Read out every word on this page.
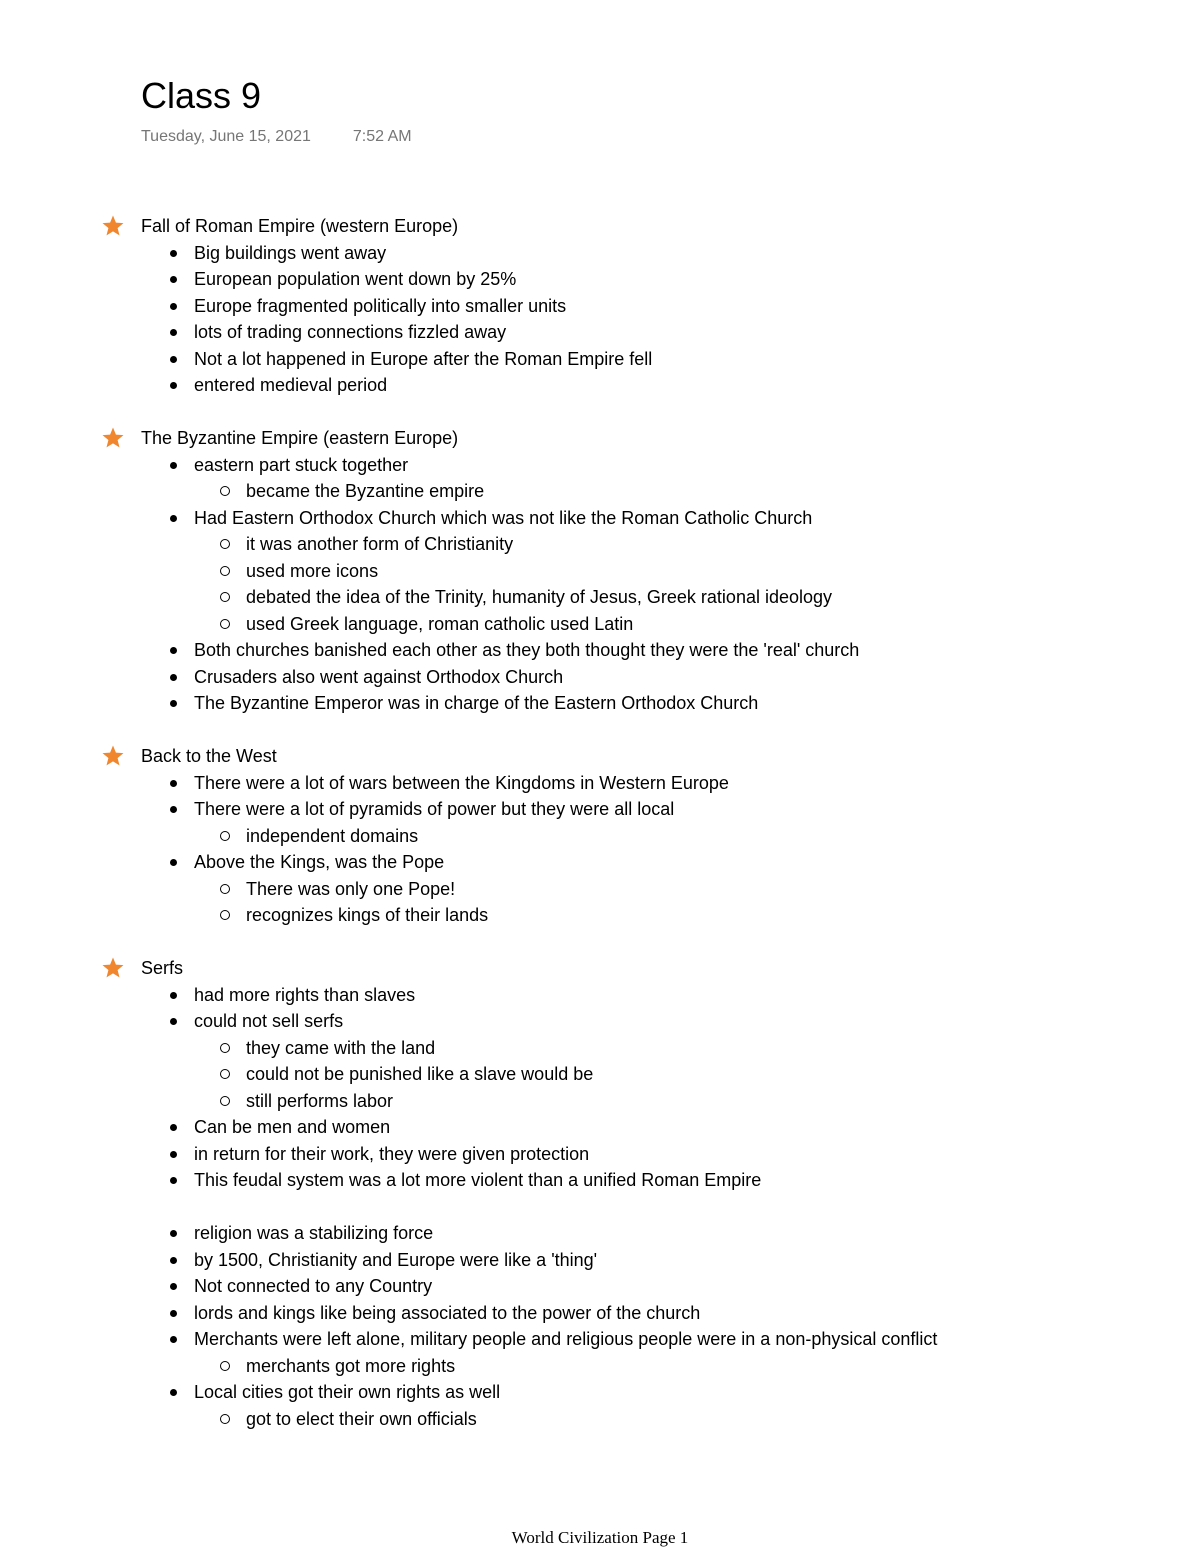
Class 9
Tuesday, June 15, 2021	7:52 AM
Fall of Roman Empire (western Europe)
Big buildings went away
European population went down by 25%
Europe fragmented politically into smaller units
lots of trading connections fizzled away
Not a lot happened in Europe after the Roman Empire fell
entered medieval period
The Byzantine Empire (eastern Europe)
eastern part stuck together
became the Byzantine empire
Had Eastern Orthodox Church which was not like the Roman Catholic Church
it was another form of Christianity
used more icons
debated the idea of the Trinity, humanity of Jesus, Greek rational ideology
used Greek language, roman catholic used Latin
Both churches banished each other as they both thought they were the 'real' church
Crusaders also went against Orthodox Church
The Byzantine Emperor was in charge of the Eastern Orthodox Church
Back to the West
There were a lot of wars between the Kingdoms in Western Europe
There were a lot of pyramids of power but they were all local
independent domains
Above the Kings, was the Pope
There was only one Pope!
recognizes kings of their lands
Serfs
had more rights than slaves
could not sell serfs
they came with the land
could not be punished like a slave would be
still performs labor
Can be men and women
in return for their work, they were given protection
This feudal system was a lot more violent than a unified Roman Empire
religion was a stabilizing force
by 1500, Christianity and Europe were like a 'thing'
Not connected to any Country
lords and kings like being associated to the power of the church
Merchants were left alone, military people and religious people were in a non-physical conflict
merchants got more rights
Local cities got their own rights as well
got to elect their own officials
World Civilization Page 1
